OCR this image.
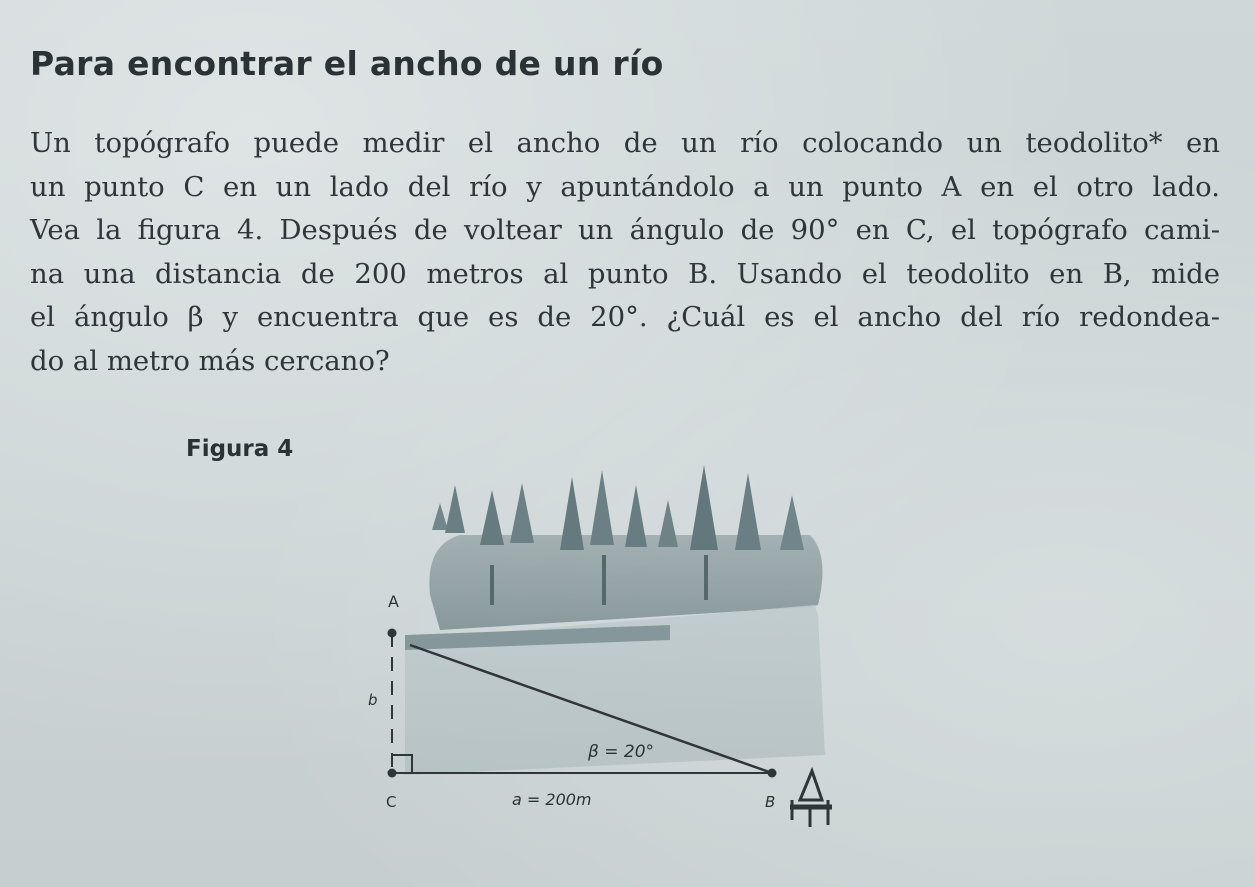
Para encontrar el ancho de un río
Un topógrafo puede medir el ancho de un río colocando un teodolito* en
un punto C en un lado del río y apuntándolo a un punto A en el otro lado.
Vea la figura 4. Después de voltear un ángulo de 90° en C, el topógrafo cami-
na una distancia de 200 metros al punto B. Usando el teodolito en B, mide
el ángulo β y encuentra que es de 20°. ¿Cuál es el ancho del río redondea-
do al metro más cercano?
Figura 4
A
b
C	B
β = 20°
a = 200m
